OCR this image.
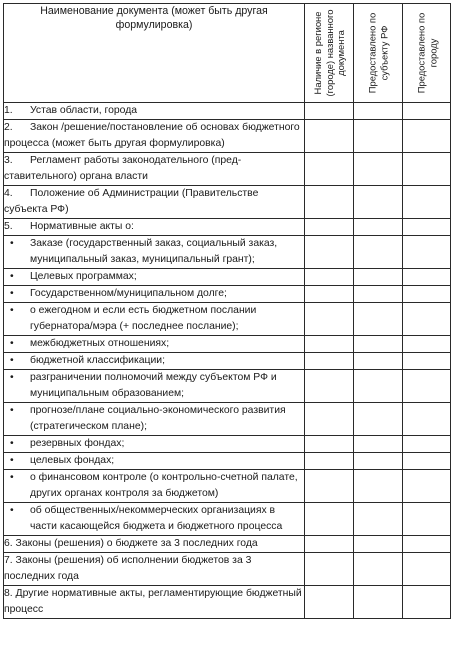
Наименование документа (может быть другая формулировка)	Наличие в регионе (городе) названного документа	Предоставлено по субъекту РФ	Предоставлено по городу

1.      Устав области, города			
2.      Закон /решение/постановление об основах бюджетного процесса (может быть другая формулировка)			
3.      Регламент работы законодательного (представительного) органа власти			
4.      Положение об Администрации (Правительстве субъекта РФ)			
5.      Нормативные акты о:			

• Заказе (государственный заказ, социальный заказ, муниципальный заказ, муниципальный грант);			

• Целевых программах;			

• Государственном/муниципальном долге;			

• о ежегодном и если есть бюджетном послании губернатора/мэра (+ последнее послание);			

• межбюджетных отношениях;			

• бюджетной классификации;			

• разграничении полномочий между субъектом РФ и муниципальным образованием;			

• прогнозе/плане социально-экономического развития (стратегическом плане);			

• резервных фондах;			

• целевых фондах;			

• о финансовом контроле (о контрольно-счетной палате, других органах контроля за бюджетом)			

• об общественных/некоммерческих организациях в части касающейся бюджета и бюджетного процесса			

6. Законы (решения) о бюджете за 3 последних года			
7. Законы (решения) об исполнении бюджетов за 3 последних года			
8. Другие нормативные акты, регламентирующие бюджетный процесс			
